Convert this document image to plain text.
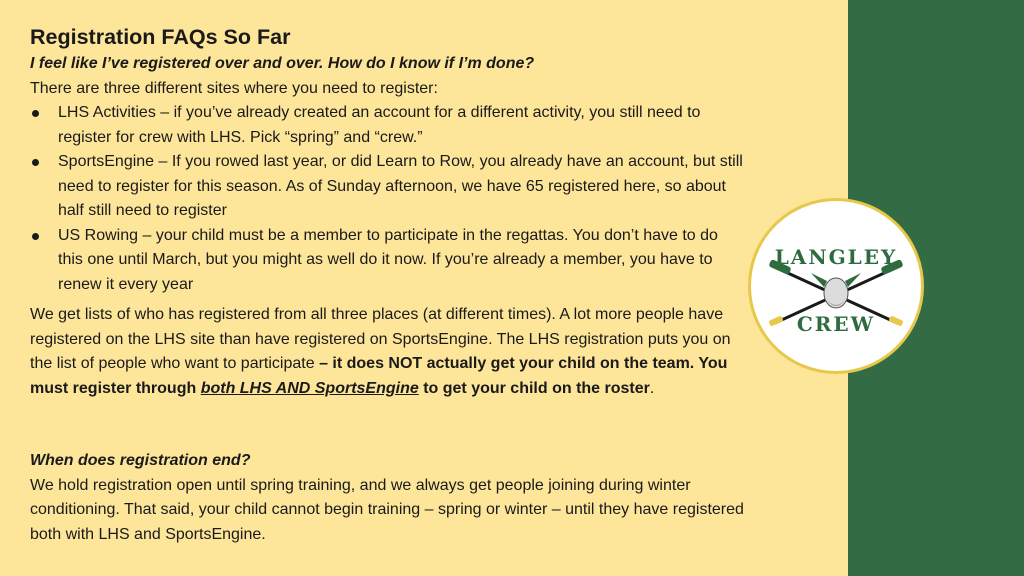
LANGLEY
CREW
Registration FAQs So Far

I feel like I’ve registered over and over. How do I know if I’m done?

There are three different sites where you need to register:

LHS Activities – if you’ve already created an account for a different activity, you still need to register for crew with LHS. Pick “spring” and “crew.”
SportsEngine – If you rowed last year, or did Learn to Row, you already have an account, but still need to register for this season. As of Sunday afternoon, we have 65 registered here, so about half still need to register
US Rowing – your child must be a member to participate in the regattas. You don’t have to do this one until March, but you might as well do it now. If you’re already a member, you have to renew it every year

We get lists of who has registered from all three places (at different times). A lot more people have registered on the LHS site than have registered on SportsEngine. The LHS registration puts you on the list of people who want to participate – it does NOT actually get your child on the team. You must register through both LHS AND SportsEngine to get your child on the roster.

When does registration end?

We hold registration open until spring training, and we always get people joining during winter conditioning. That said, your child cannot begin training – spring or winter – until they have registered both with LHS and SportsEngine.
